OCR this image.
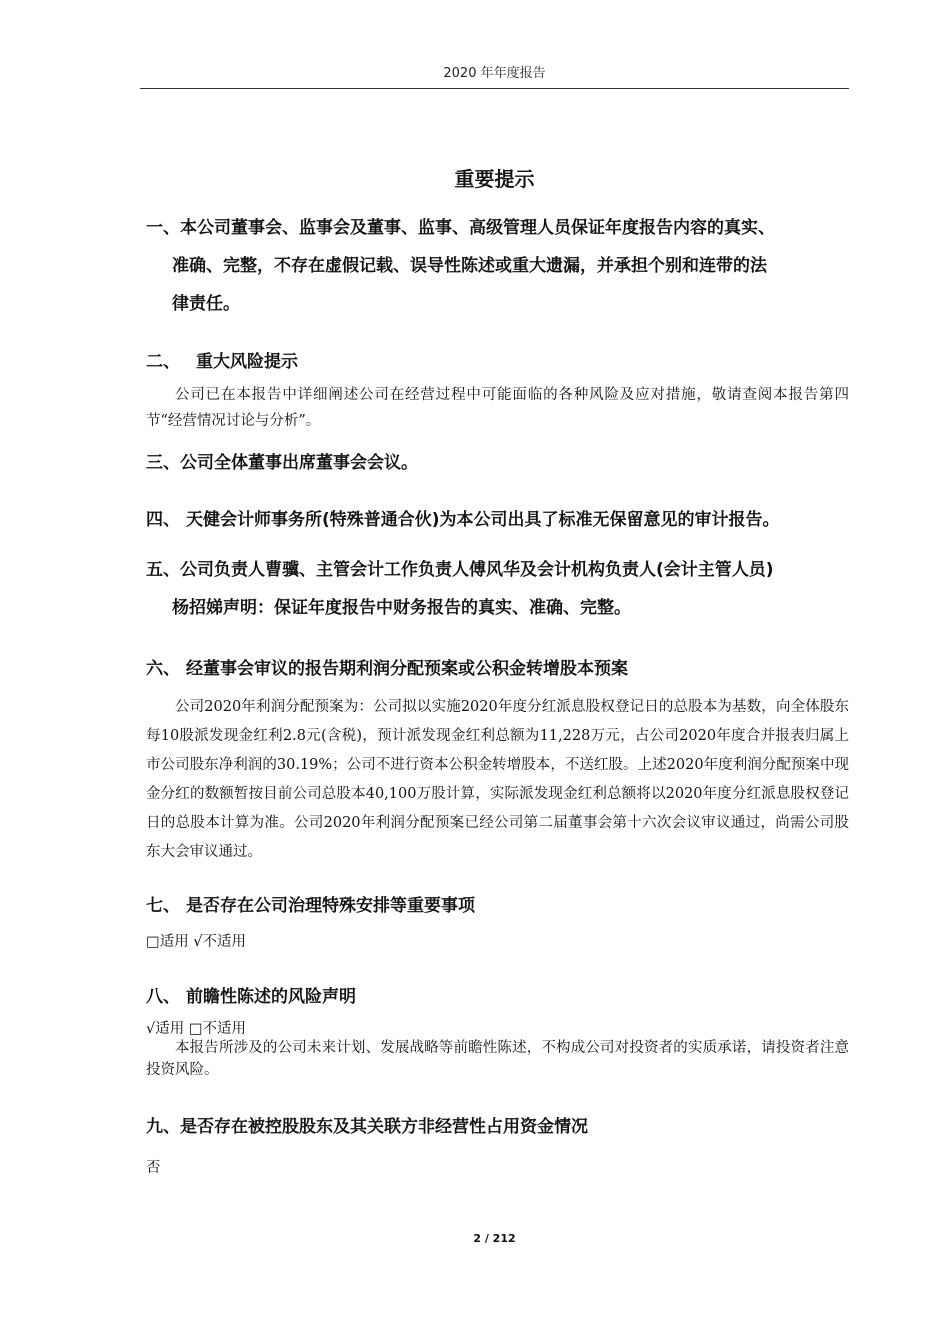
2020 年年度报告
重要提示
一、本公司董事会、监事会及董事、监事、高级管理人员保证年度报告内容的真实、
准确、完整，不存在虚假记载、误导性陈述或重大遗漏，并承担个别和连带的法
律责任。
二、 重大风险提示
公司已在本报告中详细阐述公司在经营过程中可能面临的各种风险及应对措施，敬请查阅本报告第四节“经营情况讨论与分析”。
三、公司全体董事出席董事会会议。
四、 天健会计师事务所(特殊普通合伙)为本公司出具了标准无保留意见的审计报告。
五、公司负责人曹骥、主管会计工作负责人傅风华及会计机构负责人(会计主管人员)
杨招娣声明：保证年度报告中财务报告的真实、准确、完整。
六、 经董事会审议的报告期利润分配预案或公积金转增股本预案
公司2020年利润分配预案为：公司拟以实施2020年度分红派息股权登记日的总股本为基数，向全体股东每10股派发现金红利2.8元(含税)，预计派发现金红利总额为11,228万元，占公司2020年度合并报表归属上市公司股东净利润的30.19%；公司不进行资本公积金转增股本，不送红股。上述2020年度利润分配预案中现金分红的数额暂按目前公司总股本40,100万股计算，实际派发现金红利总额将以2020年度分红派息股权登记日的总股本计算为准。公司2020年利润分配预案已经公司第二届董事会第十六次会议审议通过，尚需公司股东大会审议通过。
七、 是否存在公司治理特殊安排等重要事项
□适用 √不适用
八、 前瞻性陈述的风险声明
√适用 □不适用
本报告所涉及的公司未来计划、发展战略等前瞻性陈述，不构成公司对投资者的实质承诺，请投资者注意投资风险。
九、是否存在被控股股东及其关联方非经营性占用资金情况
否
2 / 212
